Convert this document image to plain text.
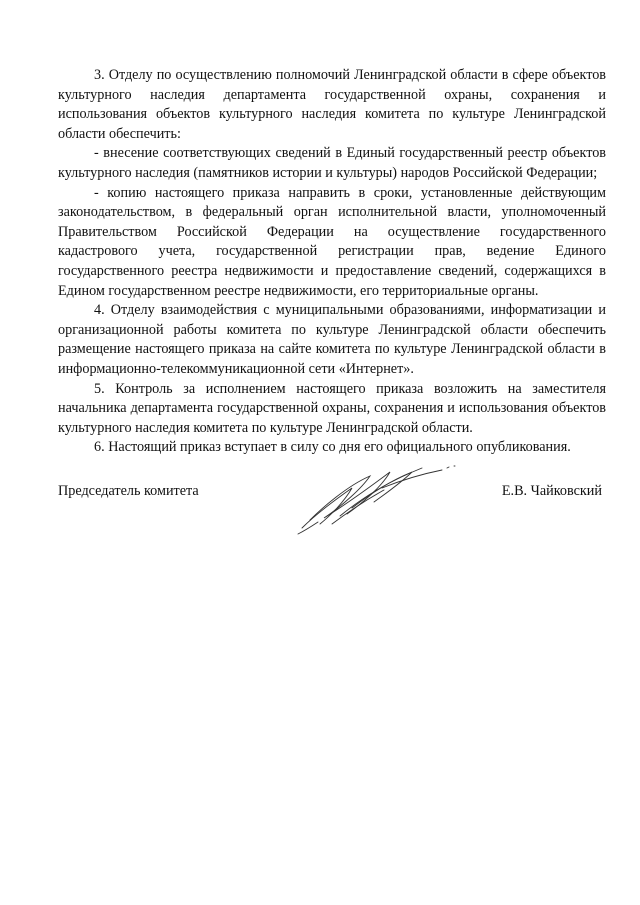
3. Отделу по осуществлению полномочий Ленинградской области в сфере объектов культурного наследия департамента государственной охраны, сохранения и использования объектов культурного наследия комитета по культуре Ленинградской области обеспечить:

- внесение соответствующих сведений в Единый государственный реестр объектов культурного наследия (памятников истории и культуры) народов Российской Федерации;

- копию настоящего приказа направить в сроки, установленные действующим законодательством, в федеральный орган исполнительной власти, уполномоченный Правительством Российской Федерации на осуществление государственного кадастрового учета, государственной регистрации прав, ведение Единого государственного реестра недвижимости и предоставление сведений, содержащихся в Едином государственном реестре недвижимости, его территориальные органы.

4. Отделу взаимодействия с муниципальными образованиями, информатизации и организационной работы комитета по культуре Ленинградской области обеспечить размещение настоящего приказа на сайте комитета по культуре Ленинградской области в информационно-телекоммуникационной сети «Интернет».

5. Контроль за исполнением настоящего приказа возложить на заместителя начальника департамента государственной охраны, сохранения и использования объектов культурного наследия комитета по культуре Ленинградской области.

6. Настоящий приказ вступает в силу со дня его официального опубликования.

Председатель комитета	Е.В. Чайковский
